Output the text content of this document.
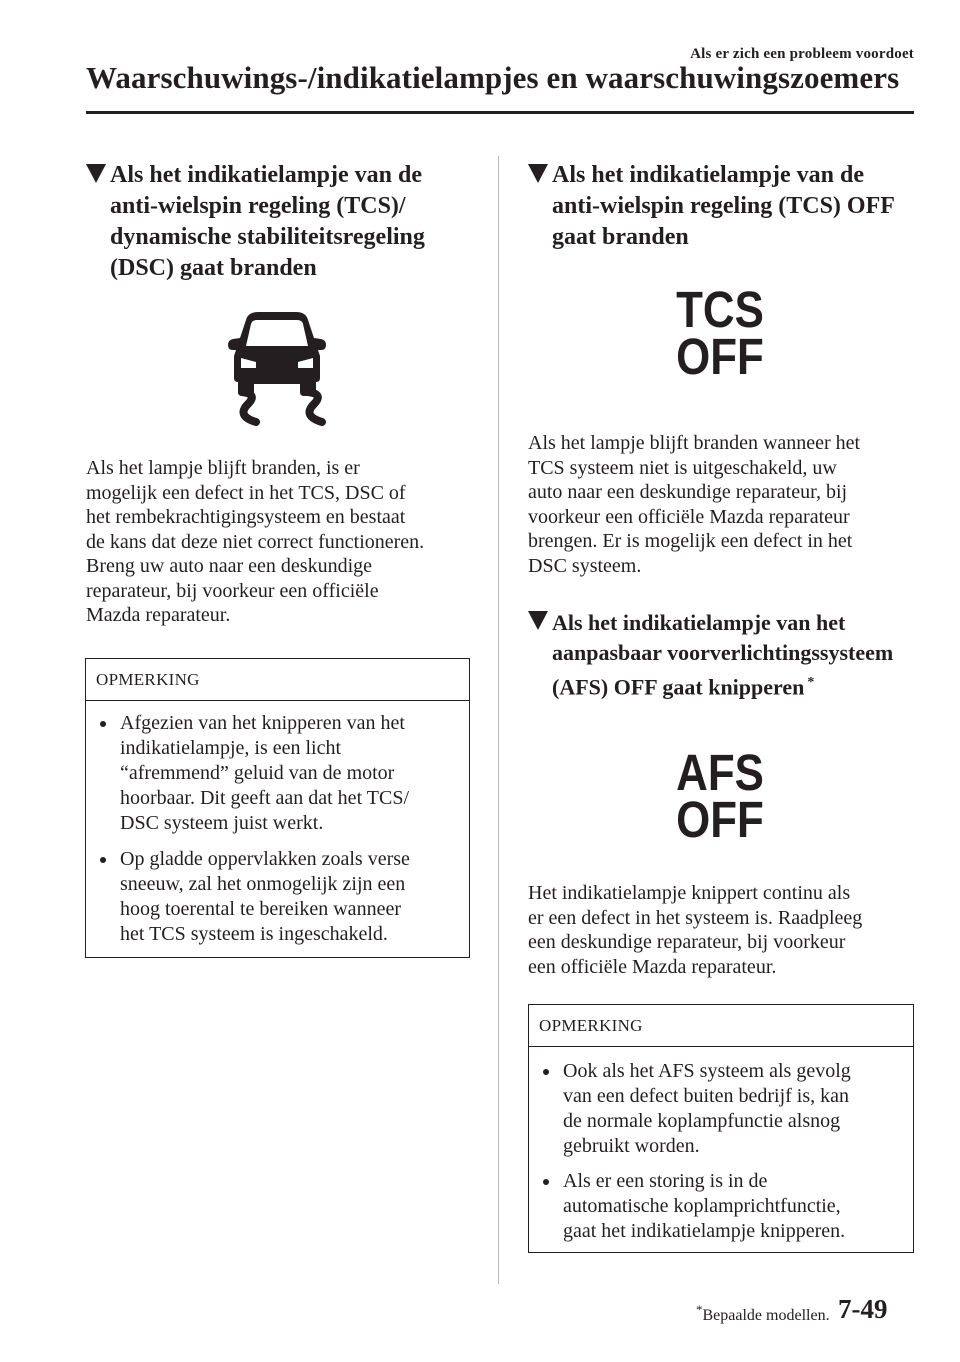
Als er zich een probleem voordoet
Waarschuwings-/indikatielampjes en waarschuwingszoemers
Als het indikatielampje van de
anti-wielspin regeling (TCS)/
dynamische stabiliteitsregeling
(DSC) gaat branden
Als het lampje blijft branden, is er
mogelijk een defect in het TCS, DSC of
het rembekrachtigingsysteem en bestaat
de kans dat deze niet correct functioneren.
Breng uw auto naar een deskundige
reparateur, bij voorkeur een officiële
Mazda reparateur.
OPMERKING
Afgezien van het knipperen van het
indikatielampje, is een licht
“afremmend” geluid van de motor
hoorbaar. Dit geeft aan dat het TCS/
DSC systeem juist werkt.
Op gladde oppervlakken zoals verse
sneeuw, zal het onmogelijk zijn een
hoog toerental te bereiken wanneer
het TCS systeem is ingeschakeld.
Als het indikatielampje van de
anti-wielspin regeling (TCS) OFF
gaat branden
TCS
OFF
Als het lampje blijft branden wanneer het
TCS systeem niet is uitgeschakeld, uw
auto naar een deskundige reparateur, bij
voorkeur een officiële Mazda reparateur
brengen. Er is mogelijk een defect in het
DSC systeem.
Als het indikatielampje van het
aanpasbaar voorverlichtingssysteem
(AFS) OFF gaat knipperen *
AFS
OFF
Het indikatielampje knippert continu als
er een defect in het systeem is. Raadpleeg
een deskundige reparateur, bij voorkeur
een officiële Mazda reparateur.
OPMERKING
Ook als het AFS systeem als gevolg
van een defect buiten bedrijf is, kan
de normale koplampfunctie alsnog
gebruikt worden.
Als er een storing is in de
automatische koplamprichtfunctie,
gaat het indikatielampje knipperen.
*Bepaalde modellen. 7-49
